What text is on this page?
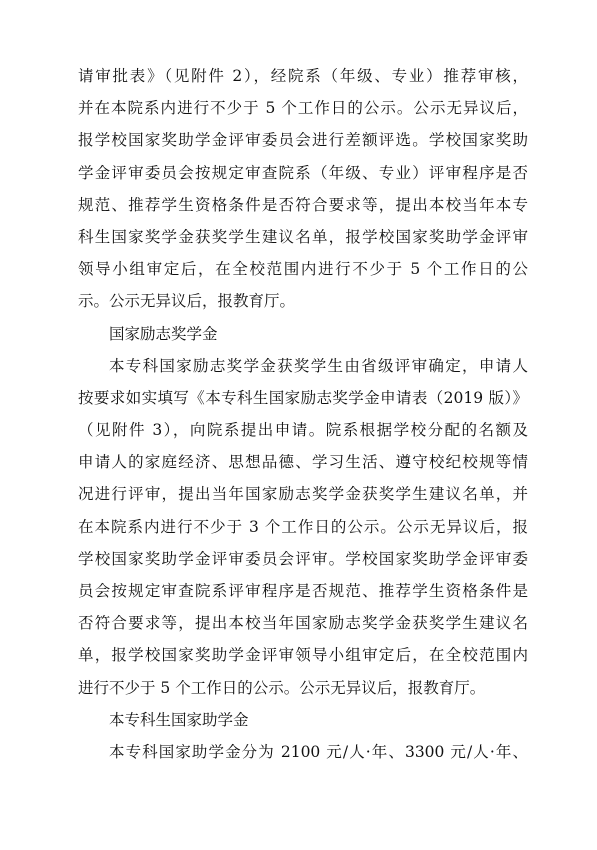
请审批表》（见附件 2），经院系（年级、专业）推荐审核，
并在本院系内进行不少于 5 个工作日的公示。公示无异议后，
报学校国家奖助学金评审委员会进行差额评选。学校国家奖助
学金评审委员会按规定审查院系（年级、专业）评审程序是否
规范、推荐学生资格条件是否符合要求等，提出本校当年本专
科生国家奖学金获奖学生建议名单，报学校国家奖助学金评审
领导小组审定后，在全校范围内进行不少于 5 个工作日的公
示。公示无异议后，报教育厅。
国家励志奖学金
本专科国家励志奖学金获奖学生由省级评审确定，申请人
按要求如实填写《本专科生国家励志奖学金申请表（2019 版）》
（见附件 3），向院系提出申请。院系根据学校分配的名额及
申请人的家庭经济、思想品德、学习生活、遵守校纪校规等情
况进行评审，提出当年国家励志奖学金获奖学生建议名单，并
在本院系内进行不少于 3 个工作日的公示。公示无异议后，报
学校国家奖助学金评审委员会评审。学校国家奖助学金评审委
员会按规定审查院系评审程序是否规范、推荐学生资格条件是
否符合要求等，提出本校当年国家励志奖学金获奖学生建议名
单，报学校国家奖助学金评审领导小组审定后，在全校范围内
进行不少于 5 个工作日的公示。公示无异议后，报教育厅。
本专科生国家助学金
本专科国家助学金分为 2100 元/人·年、3300 元/人·年、
